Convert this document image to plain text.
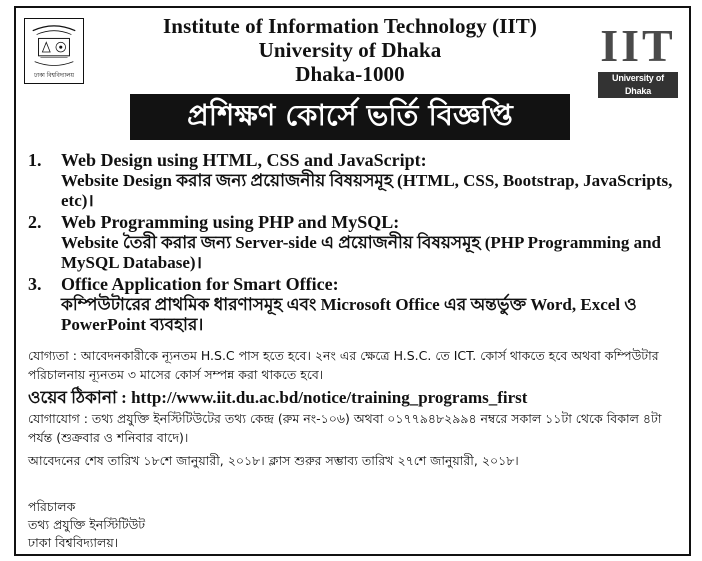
ঢাকা বিশ্ববিদ্যালয়
Institute of Information Technology (IIT)
University of Dhaka
Dhaka-1000
IIT
University of Dhaka
প্রশিক্ষণ কোর্সে ভর্তি বিজ্ঞপ্তি
1. Web Design using HTML, CSS and JavaScript:
Website Design করার জন্য প্রয়োজনীয় বিষয়সমূহ (HTML, CSS, Bootstrap, JavaScripts, etc)।
2. Web Programming using PHP and MySQL:
Website তৈরী করার জন্য Server-side এ প্রয়োজনীয় বিষয়সমূহ (PHP Programming and MySQL Database)।
3. Office Application for Smart Office:
কম্পিউটারের প্রাথমিক ধারণাসমূহ এবং Microsoft Office এর অন্তর্ভুক্ত Word, Excel ও PowerPoint ব্যবহার।
যোগ্যতা : আবেদনকারীকে ন্যূনতম H.S.C পাস হতে হবে। ২নং এর ক্ষেত্রে H.S.C. তে ICT. কোর্স থাকতে হবে অথবা কম্পিউটার পরিচালনায় ন্যূনতম ৩ মাসের কোর্স সম্পন্ন করা থাকতে হবে।
ওয়েব ঠিকানা : http://www.iit.du.ac.bd/notice/training_programs_first
যোগাযোগ : তথ্য প্রযুক্তি ইনস্টিটিউটের তথ্য কেন্দ্র (রুম নং-১০৬) অথবা ০১৭৭৯৪৮২৯৯৪ নম্বরে সকাল ১১টা থেকে বিকাল ৪টা পর্যন্ত (শুক্রবার ও শনিবার বাদে)।
আবেদনের শেষ তারিখ ১৮শে জানুয়ারী, ২০১৮। ক্লাস শুরুর সম্ভাব্য তারিখ ২৭শে জানুয়ারী, ২০১৮।
পরিচালক
তথ্য প্রযুক্তি ইনস্টিটিউট
ঢাকা বিশ্ববিদ্যালয়।
